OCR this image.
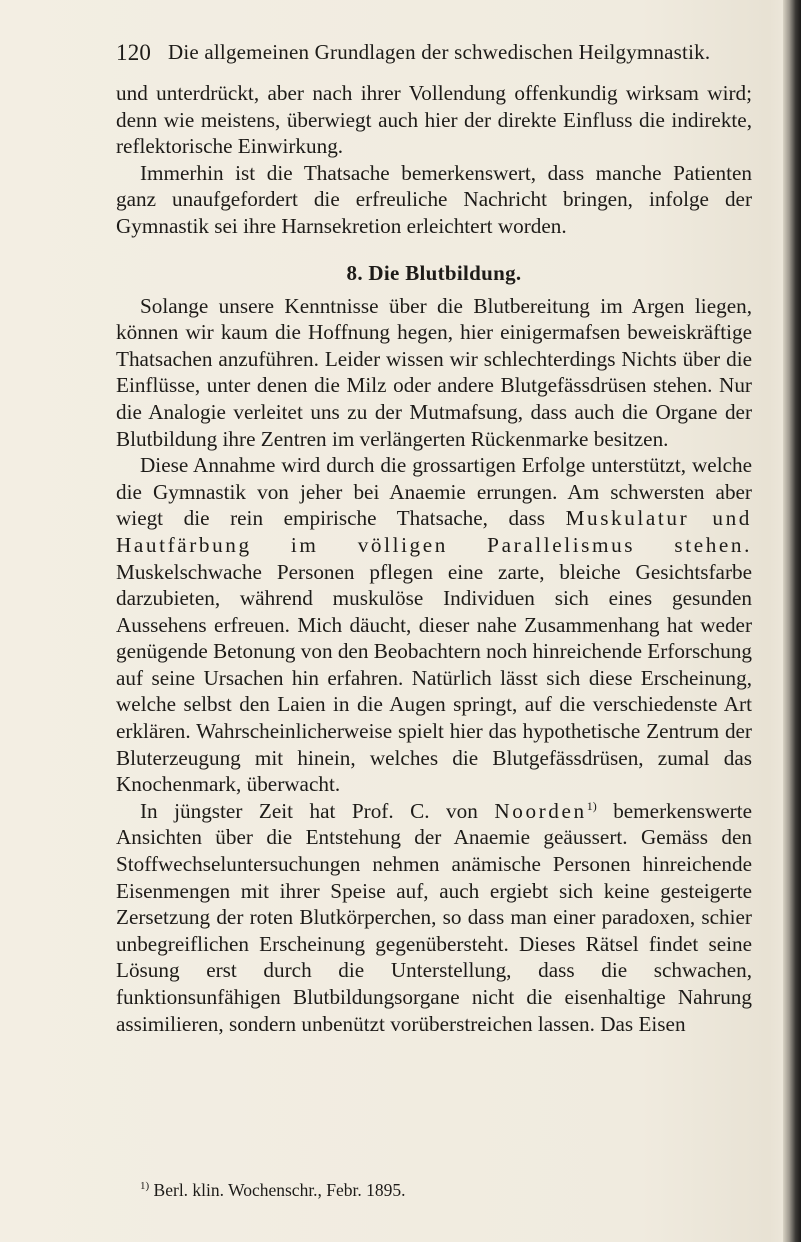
120 Die allgemeinen Grundlagen der schwedischen Heilgymnastik.

und unterdrückt, aber nach ihrer Vollendung offenkundig wirksam wird; denn wie meistens, überwiegt auch hier der direkte Einfluss die indirekte, reflektorische Einwirkung.

Immerhin ist die Thatsache bemerkenswert, dass manche Patienten ganz unaufgefordert die erfreuliche Nachricht bringen, infolge der Gymnastik sei ihre Harnsekretion erleichtert worden.

8. Die Blutbildung.

Solange unsere Kenntnisse über die Blutbereitung im Argen liegen, können wir kaum die Hoffnung hegen, hier einigermafsen beweiskräftige Thatsachen anzuführen. Leider wissen wir schlechterdings Nichts über die Einflüsse, unter denen die Milz oder andere Blutgefässdrüsen stehen. Nur die Analogie verleitet uns zu der Mutmafsung, dass auch die Organe der Blutbildung ihre Zentren im verlängerten Rückenmarke besitzen.

Diese Annahme wird durch die grossartigen Erfolge unterstützt, welche die Gymnastik von jeher bei Anaemie errungen. Am schwersten aber wiegt die rein empirische Thatsache, dass Muskulatur und Hautfärbung im völligen Parallelismus stehen. Muskelschwache Personen pflegen eine zarte, bleiche Gesichtsfarbe darzubieten, während muskulöse Individuen sich eines gesunden Aussehens erfreuen. Mich däucht, dieser nahe Zusammenhang hat weder genügende Betonung von den Beobachtern noch hinreichende Erforschung auf seine Ursachen hin erfahren. Natürlich lässt sich diese Erscheinung, welche selbst den Laien in die Augen springt, auf die verschiedenste Art erklären. Wahrscheinlicherweise spielt hier das hypothetische Zentrum der Bluterzeugung mit hinein, welches die Blutgefässdrüsen, zumal das Knochenmark, überwacht.

In jüngster Zeit hat Prof. C. von Noorden$^{1)}$ bemerkenswerte Ansichten über die Entstehung der Anaemie geäussert. Gemäss den Stoffwechseluntersuchungen nehmen anämische Personen hinreichende Eisenmengen mit ihrer Speise auf, auch ergiebt sich keine gesteigerte Zersetzung der roten Blutkörperchen, so dass man einer paradoxen, schier unbegreiflichen Erscheinung gegenübersteht. Dieses Rätsel findet seine Lösung erst durch die Unterstellung, dass die schwachen, funktionsunfähigen Blutbildungsorgane nicht die eisenhaltige Nahrung assimilieren, sondern unbenützt vorüberstreichen lassen. Das Eisen

$^{1)}$ Berl. klin. Wochenschr., Febr. 1895.
